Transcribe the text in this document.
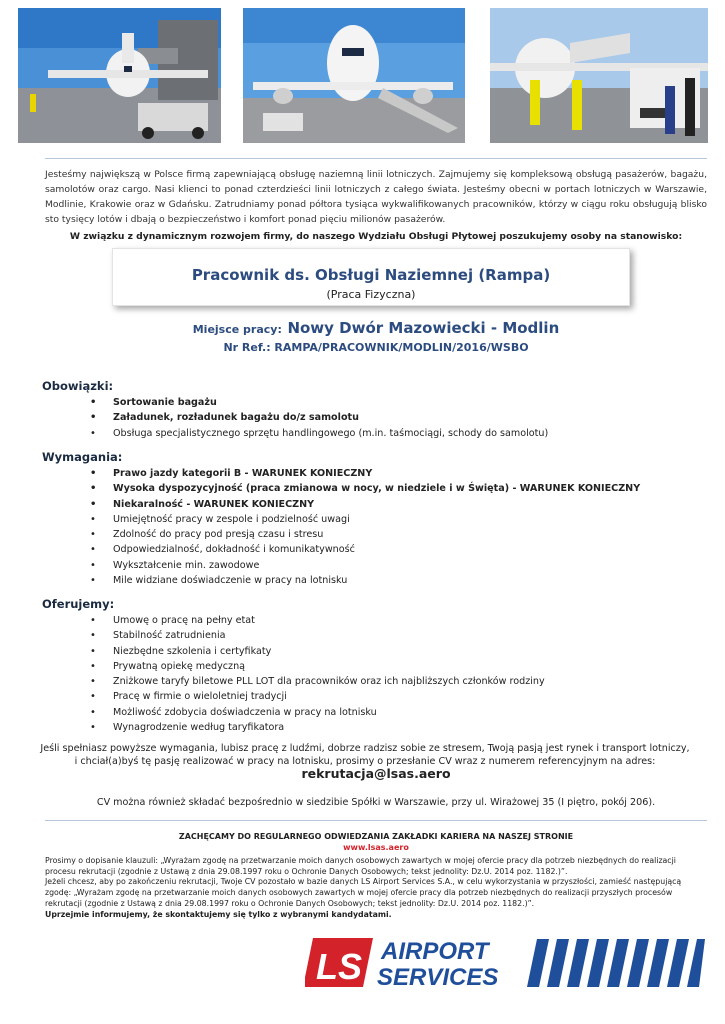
Jesteśmy największą w Polsce firmą zapewniającą obsługę naziemną linii lotniczych. Zajmujemy się kompleksową obsługą pasażerów, bagażu, samolotów oraz cargo. Nasi klienci to ponad czterdzieści linii lotniczych z całego świata. Jesteśmy obecni w portach lotniczych w Warszawie, Modlinie, Krakowie oraz w Gdańsku. Zatrudniamy ponad półtora tysiąca wykwalifikowanych pracowników, którzy w ciągu roku obsługują blisko sto tysięcy lotów i dbają o bezpieczeństwo i komfort ponad pięciu milionów pasażerów.

W związku z dynamicznym rozwojem firmy, do naszego Wydziału Obsługi Płytowej poszukujemy osoby na stanowisko:
Pracownik ds. Obsługi Naziemnej (Rampa)
(Praca Fizyczna)
Miejsce pracy: Nowy Dwór Mazowiecki - Modlin
Nr Ref.: RAMPA/PRACOWNIK/MODLIN/2016/WSBO
Obowiązki:
• Sortowanie bagażu
• Załadunek, rozładunek bagażu do/z samolotu
• Obsługa specjalistycznego sprzętu handlingowego (m.in. taśmociągi, schody do samolotu)
Wymagania:
• Prawo jazdy kategorii B - WARUNEK KONIECZNY
• Wysoka dyspozycyjność (praca zmianowa w nocy, w niedziele i w Święta) - WARUNEK KONIECZNY
• Niekaralność - WARUNEK KONIECZNY
• Umiejętność pracy w zespole i podzielność uwagi
• Zdolność do pracy pod presją czasu i stresu
• Odpowiedzialność, dokładność i komunikatywność
• Wykształcenie min. zawodowe
• Mile widziane doświadczenie w pracy na lotnisku
Oferujemy:
• Umowę o pracę na pełny etat
• Stabilność zatrudnienia
• Niezbędne szkolenia i certyfikaty
• Prywatną opiekę medyczną
• Zniżkowe taryfy biletowe PLL LOT dla pracowników oraz ich najbliższych członków rodziny
• Pracę w firmie o wieloletniej tradycji
• Możliwość zdobycia doświadczenia w pracy na lotnisku
• Wynagrodzenie według taryfikatora
Jeśli spełniasz powyższe wymagania, lubisz pracę z ludźmi, dobrze radzisz sobie ze stresem, Twoją pasją jest rynek i transport lotniczy, i chciał(a)byś tę pasję realizować w pracy na lotnisku, prosimy o przesłanie CV wraz z numerem referencyjnym na adres:
rekrutacja@lsas.aero
CV można również składać bezpośrednio w siedzibie Spółki w Warszawie, przy ul. Wirażowej 35 (I piętro, pokój 206).
ZACHĘCAMY DO REGULARNEGO ODWIEDZANIA ZAKŁADKI KARIERA NA NASZEJ STRONIE
www.lsas.aero

Prosimy o dopisanie klauzuli: „Wyrażam zgodę na przetwarzanie moich danych osobowych zawartych w mojej ofercie pracy dla potrzeb niezbędnych do realizacji procesu rekrutacji (zgodnie z Ustawą z dnia 29.08.1997 roku o Ochronie Danych Osobowych; tekst jednolity: Dz.U. 2014 poz. 1182.)”.

Jeżeli chcesz, aby po zakończeniu rekrutacji, Twoje CV pozostało w bazie danych LS Airport Services S.A., w celu wykorzystania w przyszłości, zamieść następującą zgodę: „Wyrażam zgodę na przetwarzanie moich danych osobowych zawartych w mojej ofercie pracy dla potrzeb niezbędnych do realizacji przyszłych procesów rekrutacji (zgodnie z Ustawą z dnia 29.08.1997 roku o Ochronie Danych Osobowych; tekst jednolity: Dz.U. 2014 poz. 1182.)”.

Uprzejmie informujemy, że skontaktujemy się tylko z wybranymi kandydatami.

LS AIRPORT
SERVICES
